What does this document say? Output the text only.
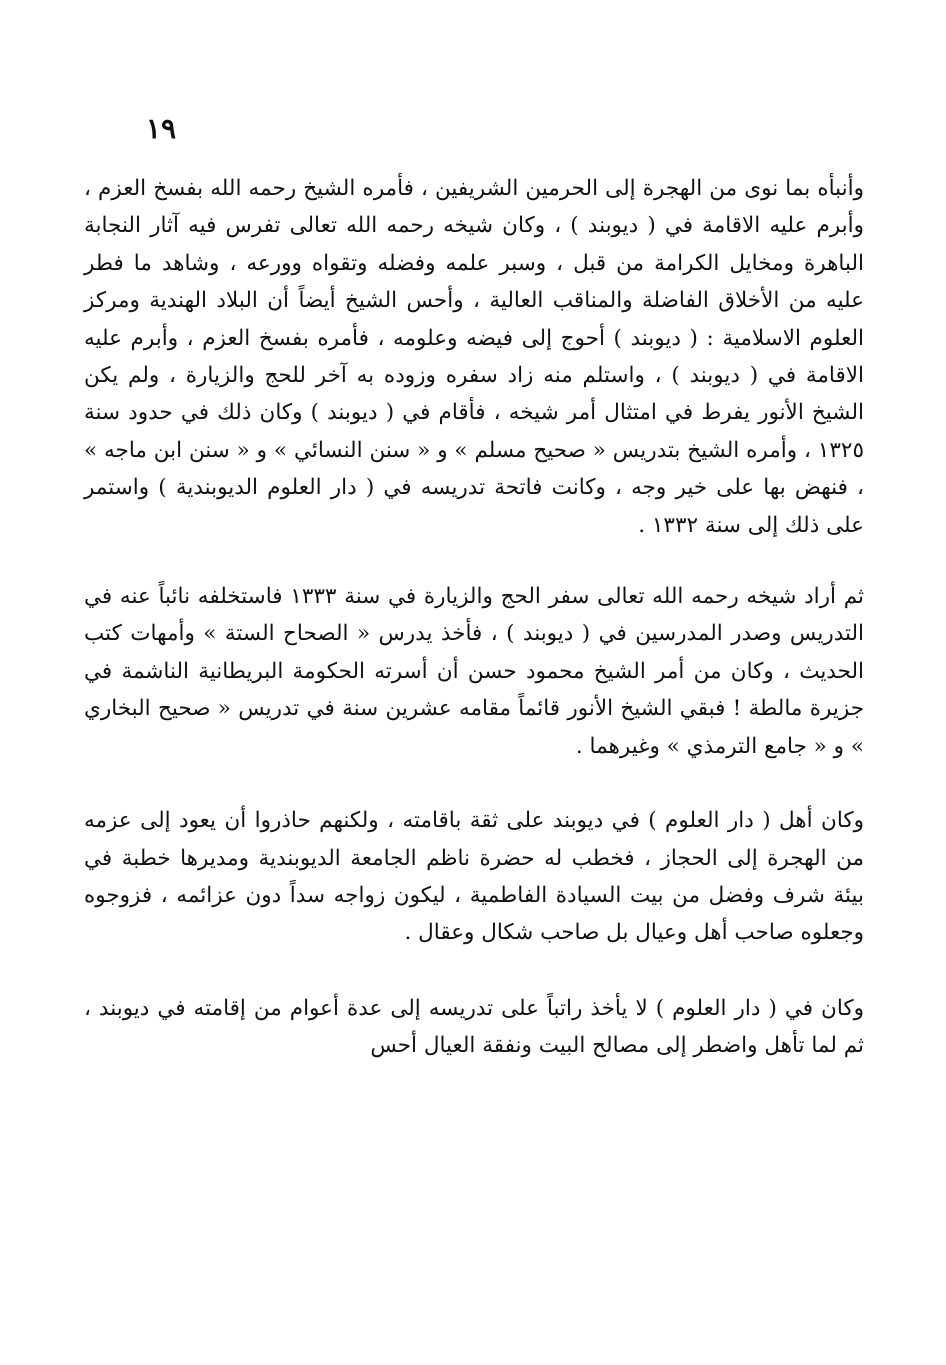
١٩

وأنبأه بما نوى من الهجرة إلى الحرمين الشريفين ، فأمره الشيخ رحمه الله بفسخ العزم ، وأبرم عليه الاقامة في ( ديوبند ) ، وكان شيخه رحمه الله تعالى تفرس فيه آثار النجابة الباهرة ومخايل الكرامة من قبل ، وسبر علمه وفضله وتقواه وورعه ، وشاهد ما فطر عليه من الأخلاق الفاضلة والمناقب العالية ، وأحس الشيخ أيضاً أن البلاد الهندية ومركز العلوم الاسلامية : ( ديوبند ) أحوج إلى فيضه وعلومه ، فأمره بفسخ العزم ، وأبرم عليه الاقامة في ( ديوبند ) ، واستلم منه زاد سفره وزوده به آخر للحج والزيارة ، ولم يكن الشيخ الأنور يفرط في امتثال أمر شيخه ، فأقام في ( ديوبند ) وكان ذلك في حدود سنة ١٣٢٥ ، وأمره الشيخ بتدريس « صحيح مسلم » و « سنن النسائي » و « سنن ابن ماجه » ، فنهض بها على خير وجه ، وكانت فاتحة تدريسه في ( دار العلوم الديوبندية ) واستمر على ذلك إلى سنة ١٣٣٢ .

ثم أراد شيخه رحمه الله تعالى سفر الحج والزيارة في سنة ١٣٣٣ فاستخلفه نائباً عنه في التدريس وصدر المدرسين في ( ديوبند ) ، فأخذ يدرس « الصحاح الستة » وأمهات كتب الحديث ، وكان من أمر الشيخ محمود حسن أن أسرته الحكومة البريطانية الناشمة في جزيرة مالطة ! فبقي الشيخ الأنور قائماً مقامه عشرين سنة في تدريس « صحيح البخاري » و « جامع الترمذي » وغيرهما .

وكان أهل ( دار العلوم ) في ديوبند على ثقة باقامته ، ولكنهم حاذروا أن يعود إلى عزمه من الهجرة إلى الحجاز ، فخطب له حضرة ناظم الجامعة الديوبندية ومديرها خطبة في بيئة شرف وفضل من بيت السيادة الفاطمية ، ليكون زواجه سداً دون عزائمه ، فزوجوه وجعلوه صاحب أهل وعيال بل صاحب شكال وعقال .

وكان في ( دار العلوم ) لا يأخذ راتباً على تدريسه إلى عدة أعوام من إقامته في ديوبند ، ثم لما تأهل واضطر إلى مصالح البيت ونفقة العيال أحس
